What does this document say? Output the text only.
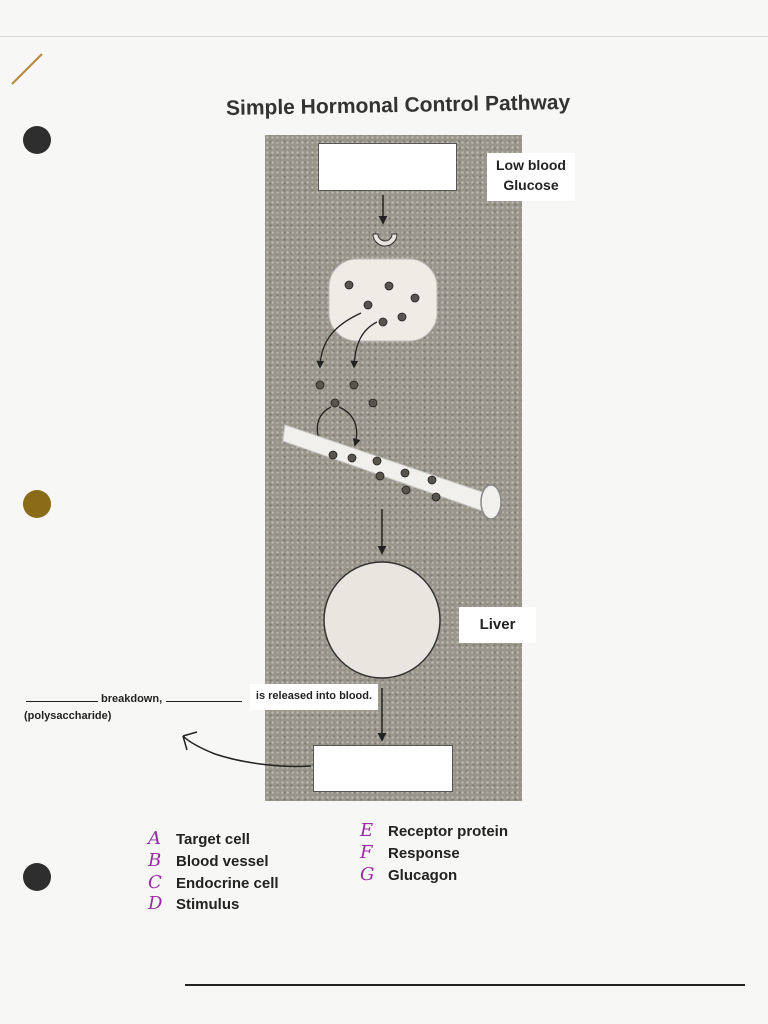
Simple Hormonal Control Pathway
Low blood
Glucose
Liver
is released into blood.
breakdown,
(polysaccharide)
A Target cell
B Blood vessel
C Endocrine cell
D Stimulus
E Receptor protein
F Response
G Glucagon
